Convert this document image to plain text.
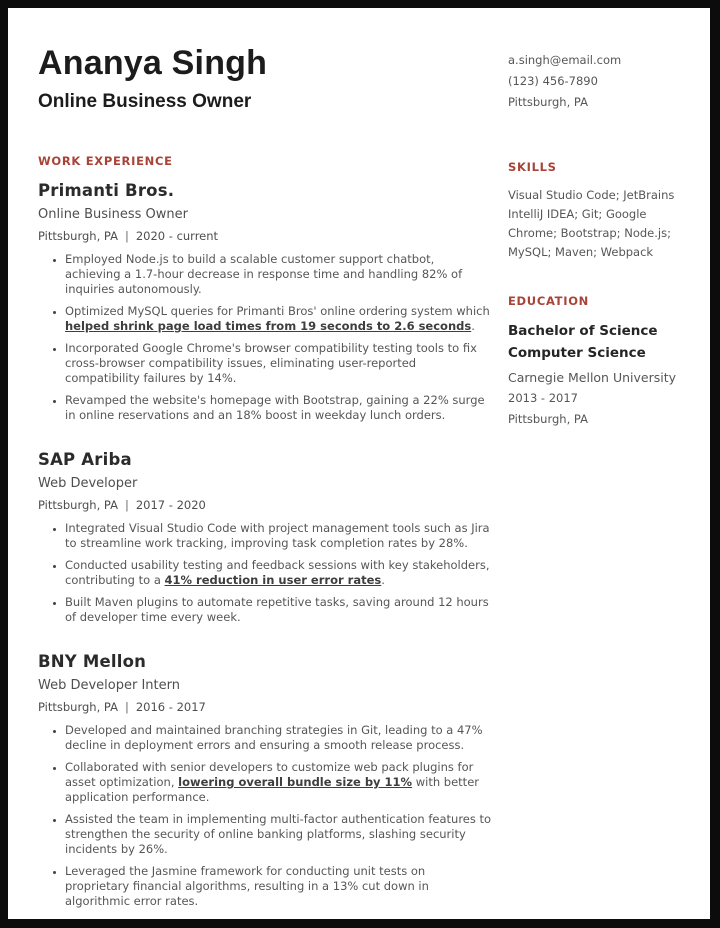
Ananya Singh
Online Business Owner
WORK EXPERIENCE
Primanti Bros.
Online Business Owner
Pittsburgh, PA | 2020 - current
• Employed Node.js to build a scalable customer support chatbot, achieving a 1.7-hour decrease in response time and handling 82% of inquiries autonomously.
• Optimized MySQL queries for Primanti Bros' online ordering system which helped shrink page load times from 19 seconds to 2.6 seconds.
• Incorporated Google Chrome's browser compatibility testing tools to fix cross-browser compatibility issues, eliminating user-reported compatibility failures by 14%.
• Revamped the website's homepage with Bootstrap, gaining a 22% surge in online reservations and an 18% boost in weekday lunch orders.
SAP Ariba
Web Developer
Pittsburgh, PA | 2017 - 2020
• Integrated Visual Studio Code with project management tools such as Jira to streamline work tracking, improving task completion rates by 28%.
• Conducted usability testing and feedback sessions with key stakeholders, contributing to a 41% reduction in user error rates.
• Built Maven plugins to automate repetitive tasks, saving around 12 hours of developer time every week.
BNY Mellon
Web Developer Intern
Pittsburgh, PA | 2016 - 2017
• Developed and maintained branching strategies in Git, leading to a 47% decline in deployment errors and ensuring a smooth release process.
• Collaborated with senior developers to customize web pack plugins for asset optimization, lowering overall bundle size by 11% with better application performance.
• Assisted the team in implementing multi-factor authentication features to strengthen the security of online banking platforms, slashing security incidents by 26%.
• Leveraged the Jasmine framework for conducting unit tests on proprietary financial algorithms, resulting in a 13% cut down in algorithmic error rates.
a.singh@email.com
(123) 456-7890
Pittsburgh, PA
SKILLS
Visual Studio Code; JetBrains IntelliJ IDEA; Git; Google Chrome; Bootstrap; Node.js; MySQL; Maven; Webpack
EDUCATION
Bachelor of Science
Computer Science
Carnegie Mellon University
2013 - 2017
Pittsburgh, PA
